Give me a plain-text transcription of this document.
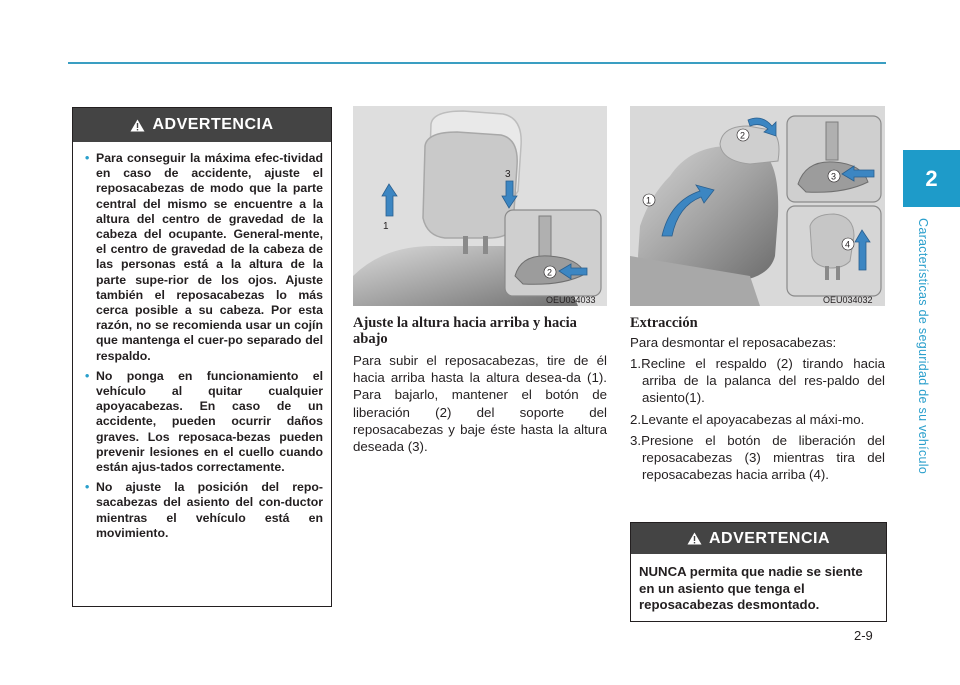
2
Características de seguridad de su vehículo
ADVERTENCIA
• Para conseguir la máxima efec-tividad en caso de accidente, ajuste el reposacabezas de modo que la parte central del mismo se encuentre a la altura del centro de gravedad de la cabeza del ocupante. General-mente, el centro de gravedad de la cabeza de las personas está a la altura de la parte supe-rior de los ojos. Ajuste también el reposacabezas lo más cerca posible a su cabeza. Por esta razón, no se recomienda usar un cojín que mantenga el cuer-po separado del respaldo.
• No ponga en funcionamiento el vehículo al quitar cualquier apoyacabezas. En caso de un accidente, pueden ocurrir daños graves. Los reposaca-bezas pueden prevenir lesiones en el cuello cuando están ajus-tados correctamente.
• No ajuste la posición del repo-sacabezas del asiento del con-ductor mientras el vehículo está en movimiento.
1
3
2
OEU034033
1
2
3
4
OEU034032
Ajuste la altura hacia arriba y hacia abajo
Para subir el reposacabezas, tire de él hacia arriba hasta la altura desea-da (1). Para bajarlo, mantener el botón de liberación (2) del soporte del reposacabezas y baje éste hasta la altura deseada (3).
Extracción
Para desmontar el reposacabezas:
1.Recline el respaldo (2) tirando hacia arriba de la palanca del res-paldo del asiento(1).
2.Levante el apoyacabezas al máxi-mo.
3.Presione el botón de liberación del reposacabezas (3) mientras tira del reposacabezas hacia arriba (4).
ADVERTENCIA
NUNCA permita que nadie se siente en un asiento que tenga el reposacabezas desmontado.
2-9
